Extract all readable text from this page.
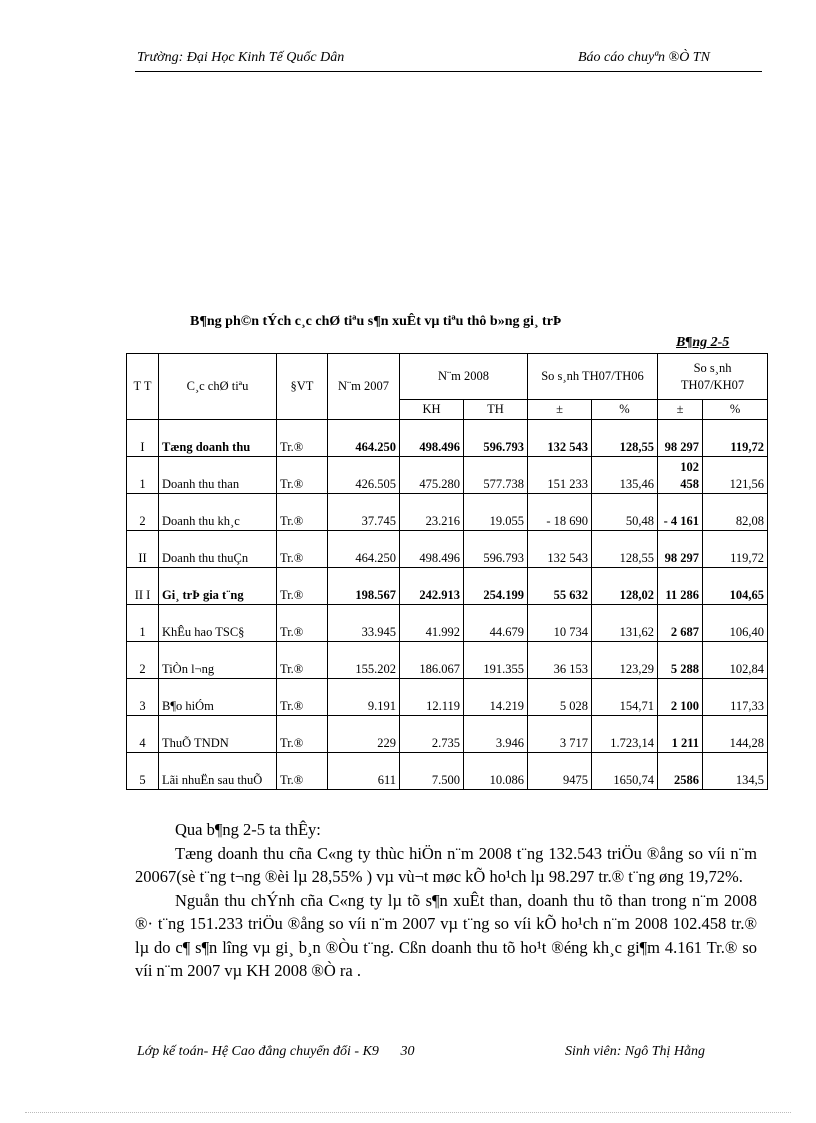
Trường: Đại Học Kinh Tế Quốc Dân	Báo cáo chuyªn ®Ò TN
B¶ng ph©n tÝch c¸c chØ tiªu s¶n xuÊt vµ tiªu thô b»ng gi¸ trÞ
B¶ng 2-5
T T	C¸c chØ tiªu	§VT	N¨m 2007	N¨m 2008		So s¸nh TH07/TH06		So s¸nh TH07/KH07	
				KH	TH	±	%	±	%
I	Tæng doanh thu	Tr.®	464.250	498.496	596.793	132 543	128,55	98 297	119,72
1	Doanh thu than	Tr.®	426.505	475.280	577.738	151 233	135,46	102 458	121,56
2	Doanh thu kh¸c	Tr.®	37.745	23.216	19.055	- 18 690	50,48	- 4 161	82,08
II	Doanh thu thuÇn	Tr.®	464.250	498.496	596.793	132 543	128,55	98 297	119,72
II I	Gi¸ trÞ gia t¨ng	Tr.®	198.567	242.913	254.199	55 632	128,02	11 286	104,65
1	KhÊu hao TSC§	Tr.®	33.945	41.992	44.679	10 734	131,62	2 687	106,40
2	TiÒn l¬ng	Tr.®	155.202	186.067	191.355	36 153	123,29	5 288	102,84
3	B¶o hiÓm	Tr.®	9.191	12.119	14.219	5 028	154,71	2 100	117,33
4	ThuÕ TNDN	Tr.®	229	2.735	3.946	3 717	1.723,14	1 211	144,28
5	Lãi nhuËn sau thuÕ	Tr.®	611	7.500	10.086	9475	1650,74	2586	134,5

Qua b¶ng 2-5 ta thÊy:

Tæng doanh thu cña C«ng ty thùc hiÖn n¨m 2008 t¨ng 132.543 triÖu ®ång so víi n¨m 20067(sè t¨ng t¬ng ®èi lµ 28,55% ) vµ vù¬t møc kÕ ho¹ch lµ 98.297 tr.® t¨ng øng 19,72%.

Nguån thu chÝnh cña C«ng ty lµ tõ s¶n xuÊt than, doanh thu tõ than trong n¨m 2008 ®· t¨ng 151.233 triÖu ®ång so víi n¨m 2007 vµ t¨ng so víi kÕ ho¹ch n¨m 2008 102.458 tr.® lµ do c¶ s¶n lîng vµ gi¸ b¸n ®Òu t¨ng. Cßn doanh thu tõ ho¹t ®éng kh¸c gi¶m 4.161 Tr.® so víi n¨m 2007 vµ KH 2008 ®Ò ra .

Lớp kế toán- Hệ Cao đẳng chuyển đổi - K9 30	Sinh viên: Ngô Thị Hằng
